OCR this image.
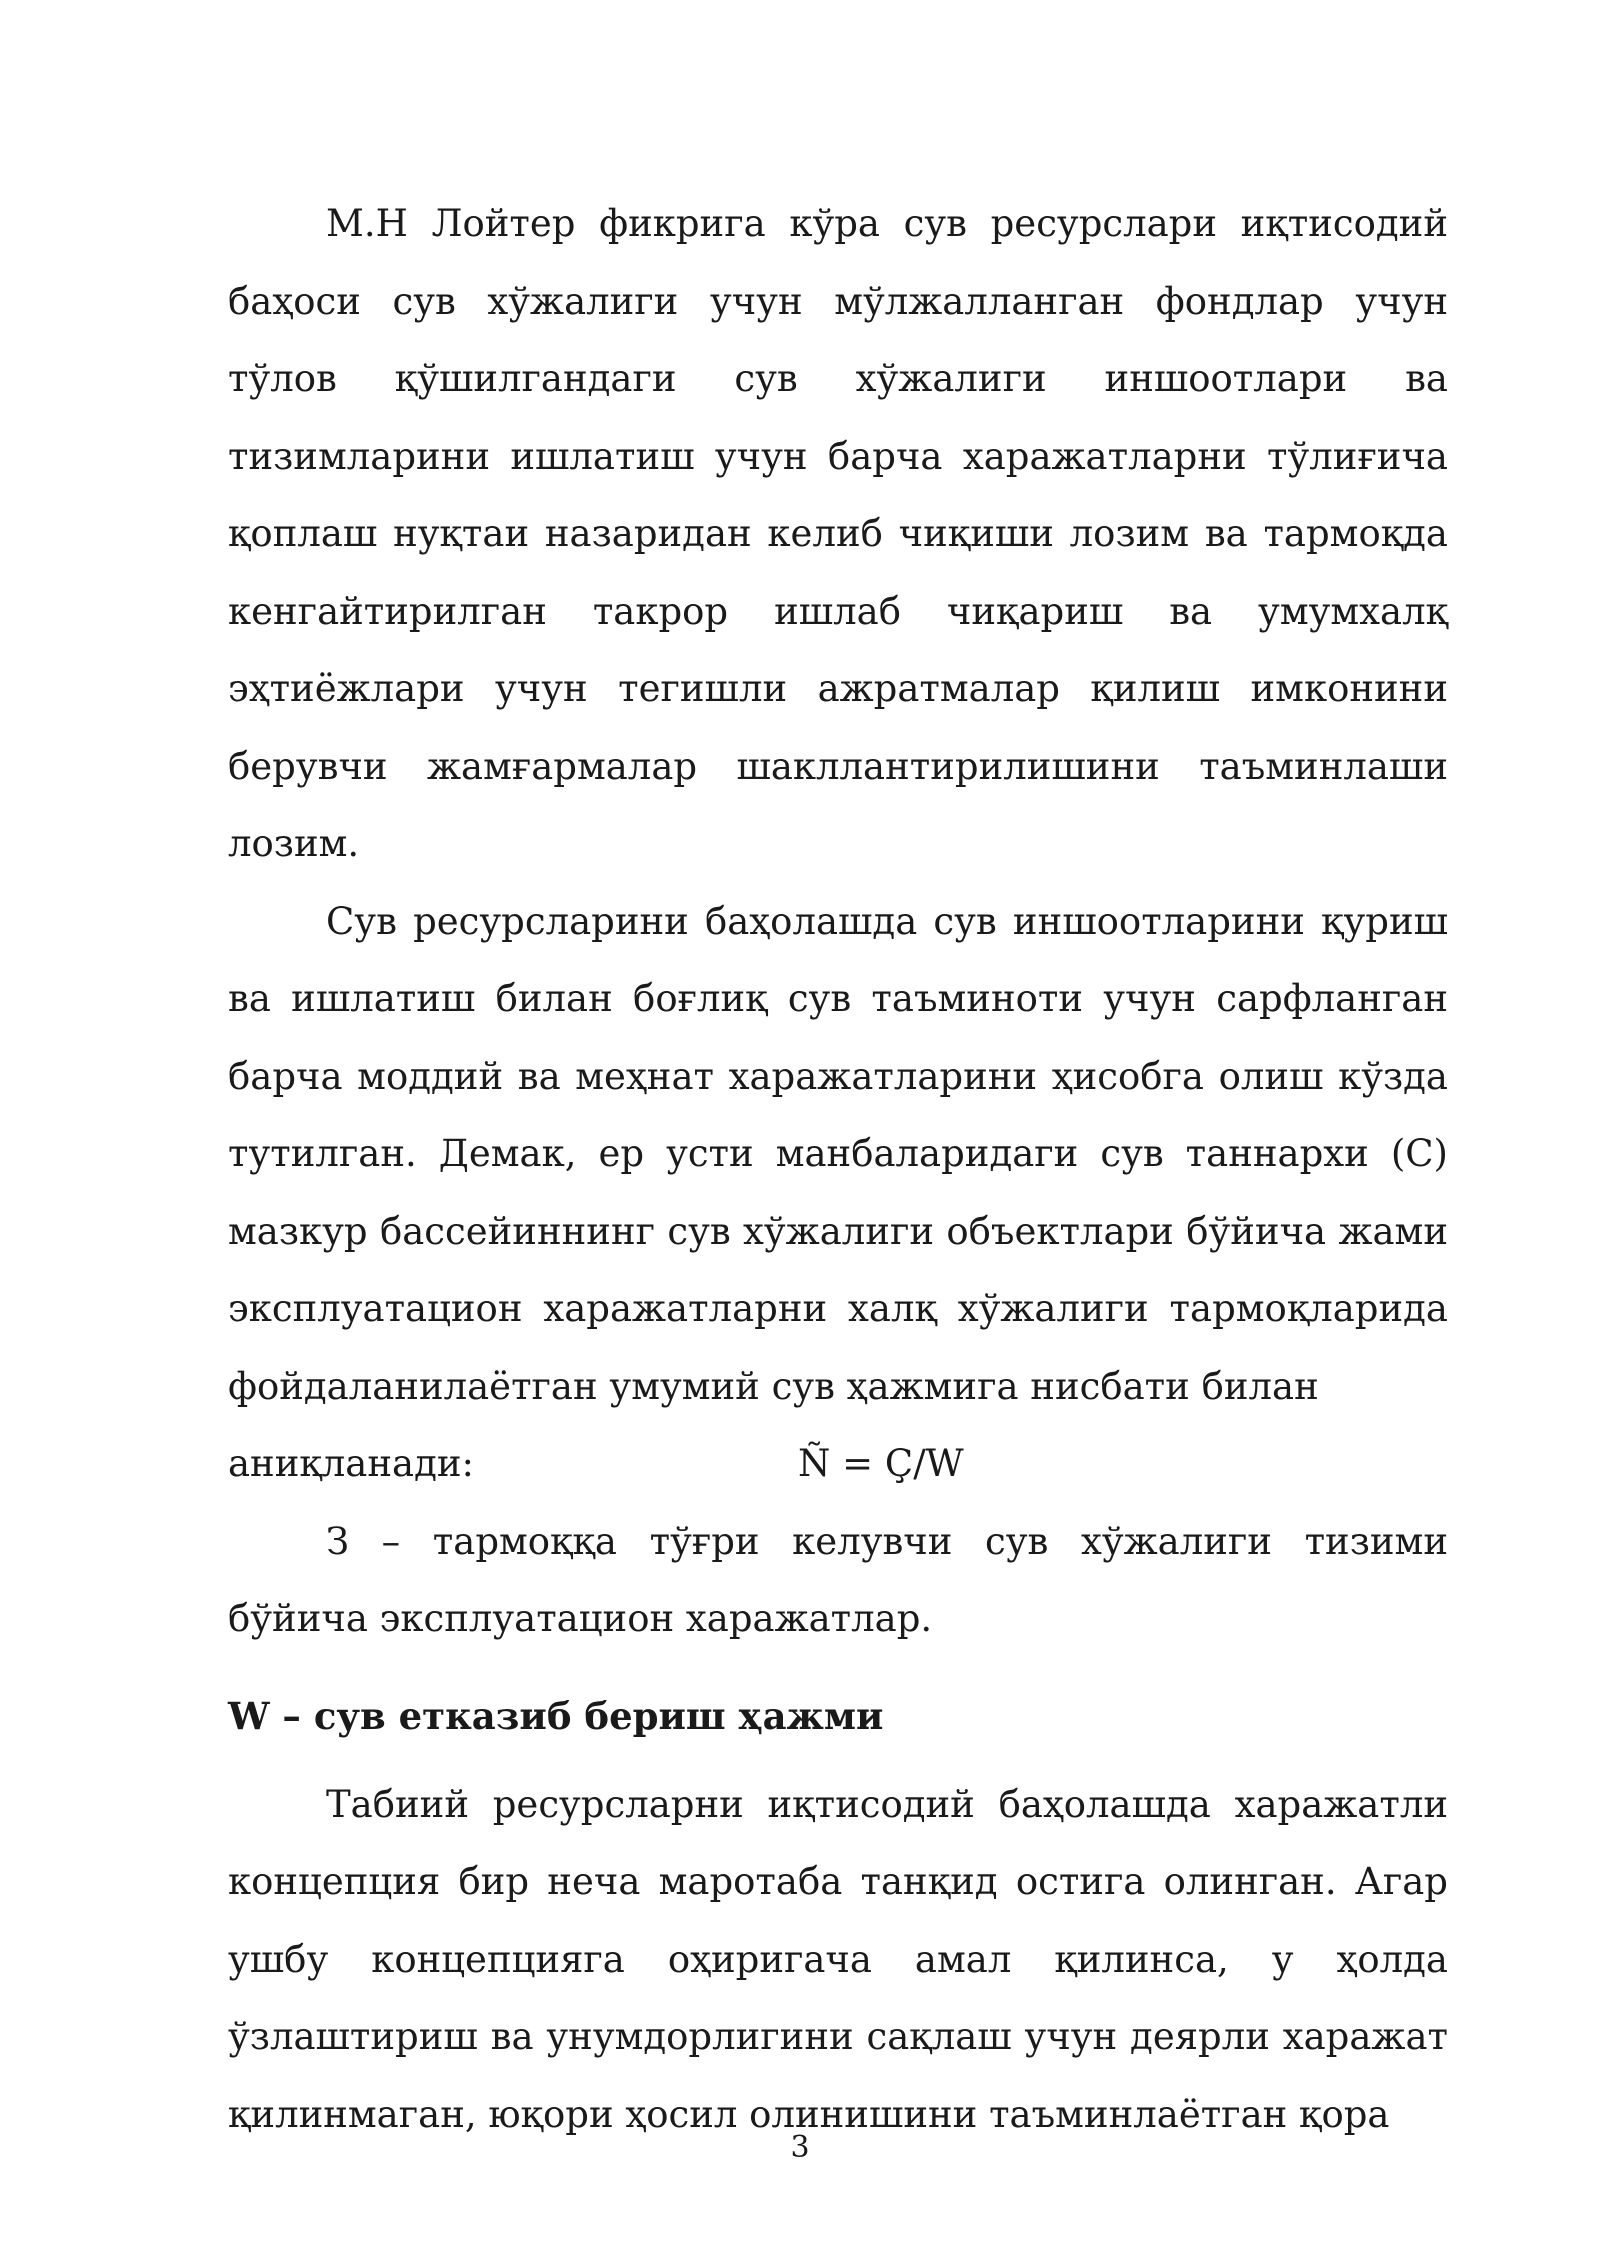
М.Н Лойтер фикрига кўра сув ресурслари иқтисодий баҳоси сув хўжалиги учун мўлжалланган фондлар учун тўлов қўшилгандаги сув хўжалиги иншоотлари ва тизимларини ишлатиш учун барча харажатларни тўлиғича қоплаш нуқтаи назаридан келиб чиқиши лозим ва тармоқда кенгайтирилган такрор ишлаб чиқариш ва умумхалқ эҳтиёжлари учун тегишли ажратмалар қилиш имконини берувчи жамғармалар шакллантирилишини таъминлаши лозим.

Сув ресурсларини баҳолашда сув иншоотларини қуриш ва ишлатиш билан боғлиқ сув таъминоти учун сарфланган барча моддий ва меҳнат харажатларини ҳисобга олиш кўзда тутилган. Демак, ер усти манбаларидаги сув таннархи (С) мазкур бассейиннинг сув хўжалиги объектлари бўйича жами эксплуатацион харажатларни халқ хўжалиги тармоқларида фойдаланилаётган умумий сув ҳажмига нисбати билан

аниқланади:	Ñ = Ç/W

З – тармоққа тўғри келувчи сув хўжалиги тизими бўйича эксплуатацион харажатлар.

W – сув етказиб бериш ҳажми

Табиий ресурсларни иқтисодий баҳолашда харажатли концепция бир неча маротаба танқид остига олинган. Агар ушбу концепцияга оҳиригача амал қилинса, у ҳолда ўзлаштириш ва унумдорлигини сақлаш учун деярли харажат қилинмаган, юқори ҳосил олинишини таъминлаётган қора

3
